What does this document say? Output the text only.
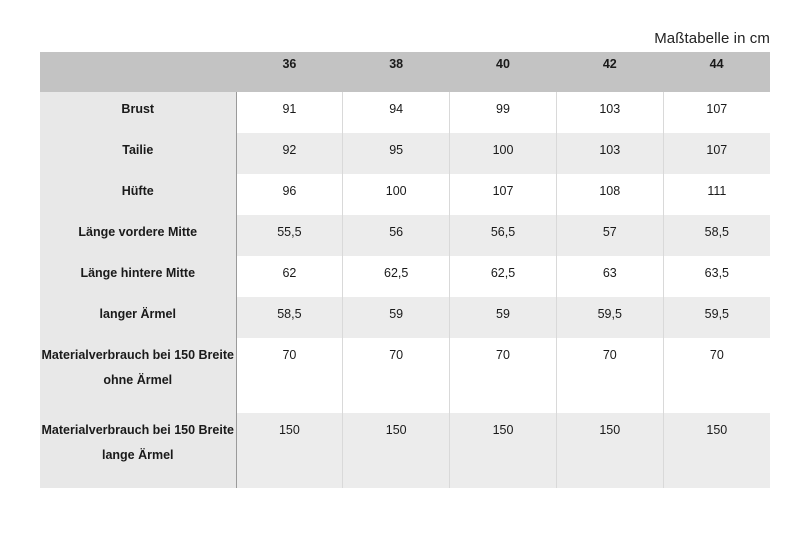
Maßtabelle in cm
	36	38	40	42	44
Brust	91	94	99	103	107
Tailie	92	95	100	103	107
Hüfte	96	100	107	108	111
Länge vordere Mitte	55,5	56	56,5	57	58,5
Länge hintere Mitte	62	62,5	62,5	63	63,5
langer Ärmel	58,5	59	59	59,5	59,5
Materialverbrauch bei 150 Breite
ohne Ärmel	70	70	70	70	70
Materialverbrauch bei 150 Breite
lange Ärmel	150	150	150	150	150
